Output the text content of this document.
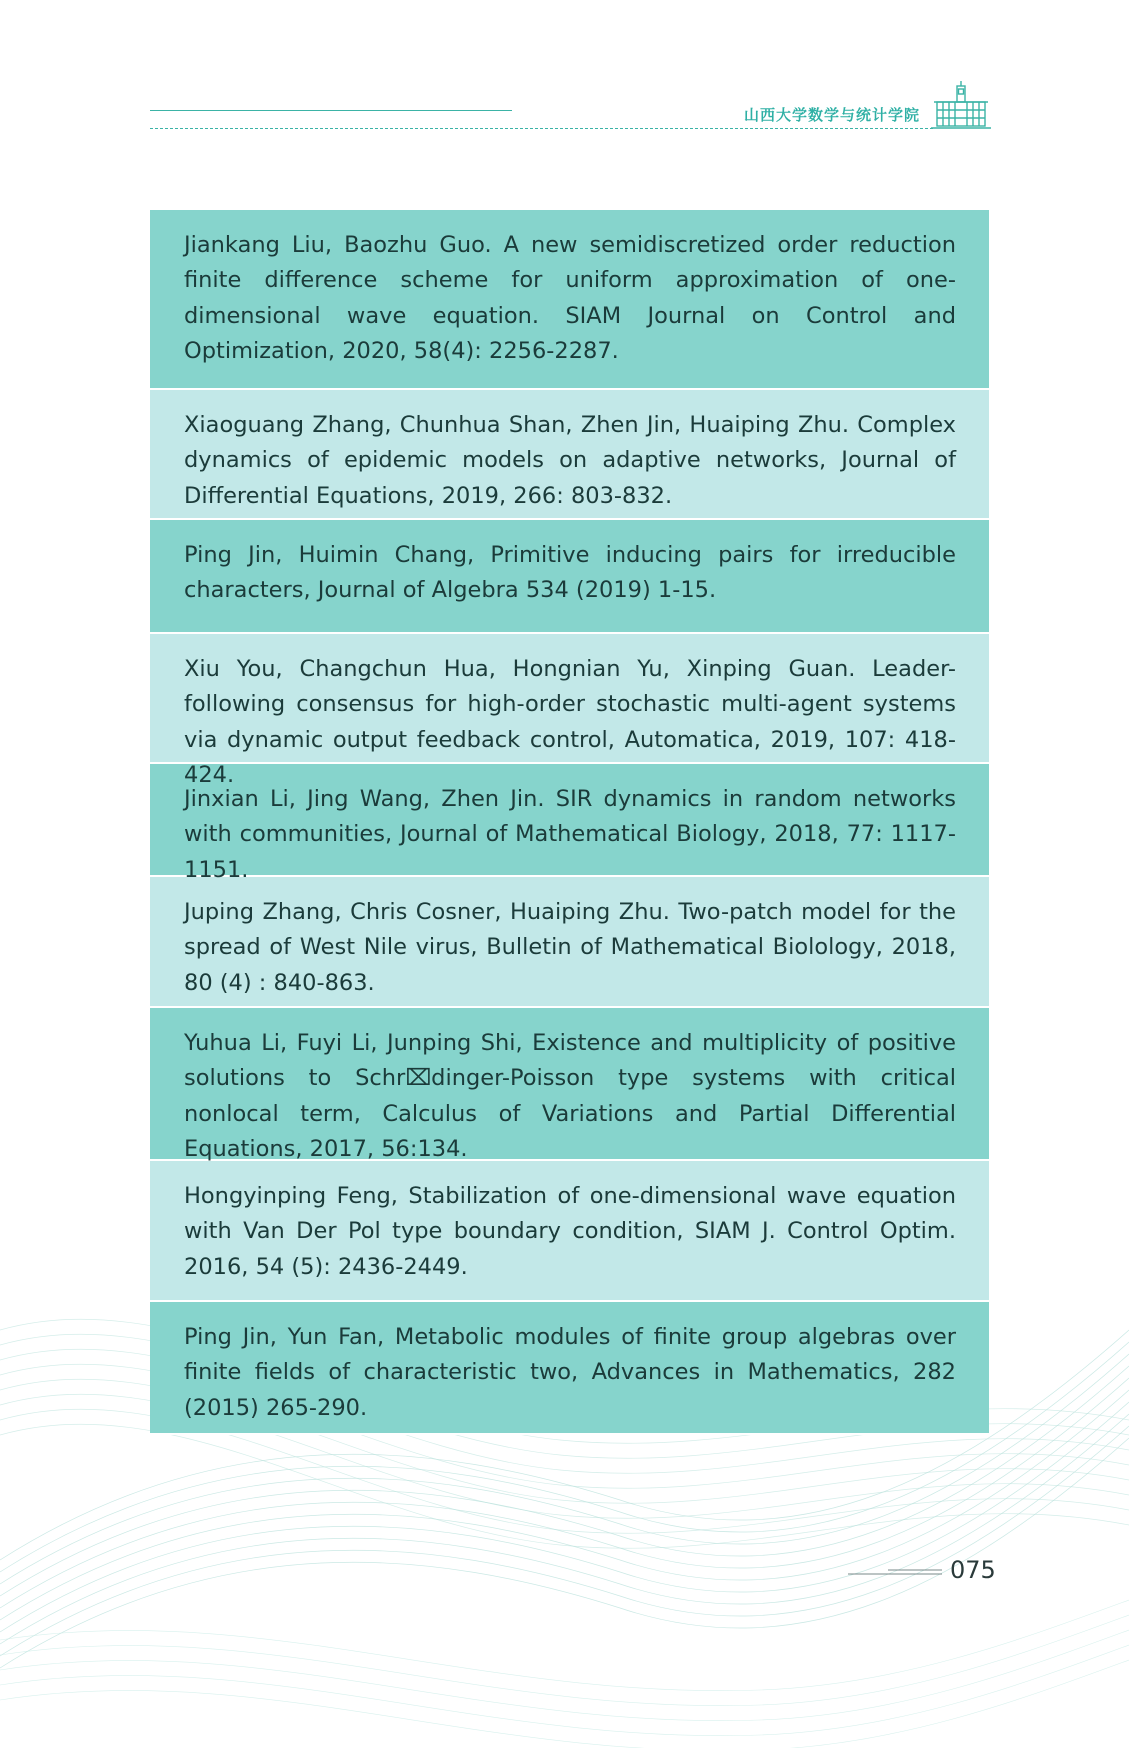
山西大学数学与统计学院
Jiankang Liu, Baozhu Guo. A new semidiscretized order reduction finite difference scheme for uniform approximation of one-dimensional wave equation. SIAM Journal on Control and Optimization, 2020, 58(4): 2256-2287.
Xiaoguang Zhang, Chunhua Shan, Zhen Jin, Huaiping Zhu. Complex dynamics of epidemic models on adaptive networks, Journal of Differential Equations, 2019, 266: 803-832.
Ping Jin, Huimin Chang, Primitive inducing pairs for irreducible characters, Journal of Algebra 534 (2019) 1-15.
Xiu You, Changchun Hua, Hongnian Yu, Xinping Guan. Leader-following consensus for high-order stochastic multi-agent systems via dynamic output feedback control, Automatica, 2019, 107: 418-424.
Jinxian Li, Jing Wang, Zhen Jin. SIR dynamics in random networks with communities, Journal of Mathematical Biology, 2018, 77: 1117-1151.
Juping Zhang, Chris Cosner, Huaiping Zhu. Two-patch model for the spread of West Nile virus, Bulletin of Mathematical Biolology, 2018, 80 (4) : 840-863.
Yuhua Li, Fuyi Li, Junping Shi, Existence and multiplicity of positive solutions to Schr⌧dinger-Poisson type systems with critical nonlocal term, Calculus of Variations and Partial Differential Equations, 2017, 56:134.
Hongyinping Feng, Stabilization of one-dimensional wave equation with Van Der Pol type boundary condition, SIAM J. Control Optim. 2016, 54 (5): 2436-2449.
Ping Jin, Yun Fan, Metabolic modules of finite group algebras over finite fields of characteristic two, Advances in Mathematics, 282 (2015) 265-290.
075
